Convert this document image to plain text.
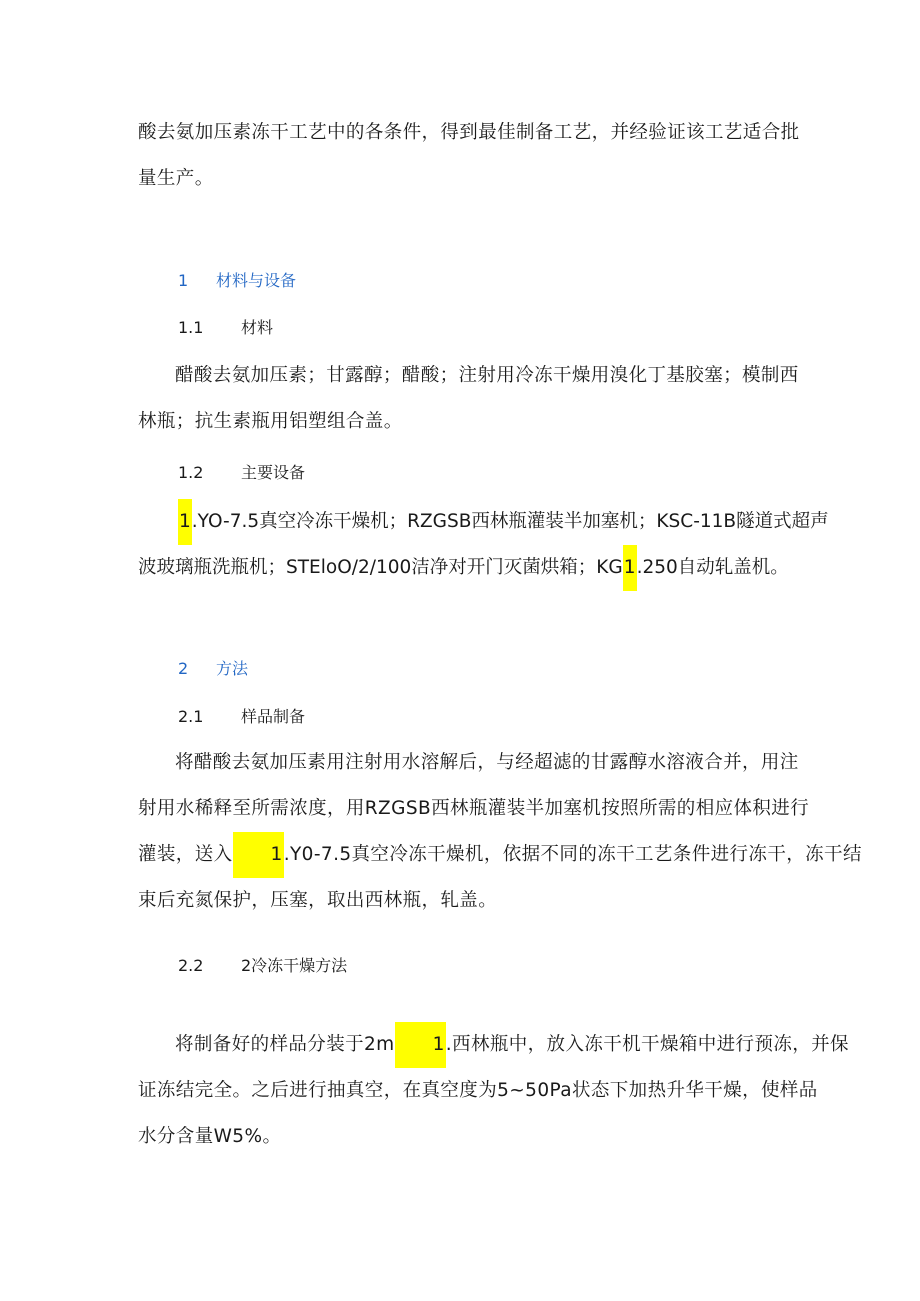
酸去氨加压素冻干工艺中的各条件，得到最佳制备工艺，并经验证该工艺适合批
量生产。

1 材料与设备
1.1 材料

醋酸去氨加压素；甘露醇；醋酸；注射用冷冻干燥用溴化丁基胶塞；模制西
林瓶；抗生素瓶用铝塑组合盖。

1.2 主要设备

1.YO-7.5真空冷冻干燥机；RZGSB西林瓶灌装半加塞机；KSC-11B隧道式超声
波玻璃瓶洗瓶机；STEloO/2/100洁净对开门灭菌烘箱；KG1.250自动轧盖机。

2 方法
2.1 样品制备

将醋酸去氨加压素用注射用水溶解后，与经超滤的甘露醇水溶液合并，用注
射用水稀释至所需浓度，用RZGSB西林瓶灌装半加塞机按照所需的相应体积进行
灌装，送入 1.Y0-7.5真空冷冻干燥机，依据不同的冻干工艺条件进行冻干，冻干结
束后充氮保护，压塞，取出西林瓶，轧盖。

2.2 2冷冻干燥方法

将制备好的样品分装于2m 1.西林瓶中，放入冻干机干燥箱中进行预冻，并保
证冻结完全。之后进行抽真空，在真空度为5~50Pa状态下加热升华干燥，使样品
水分含量W5%。
